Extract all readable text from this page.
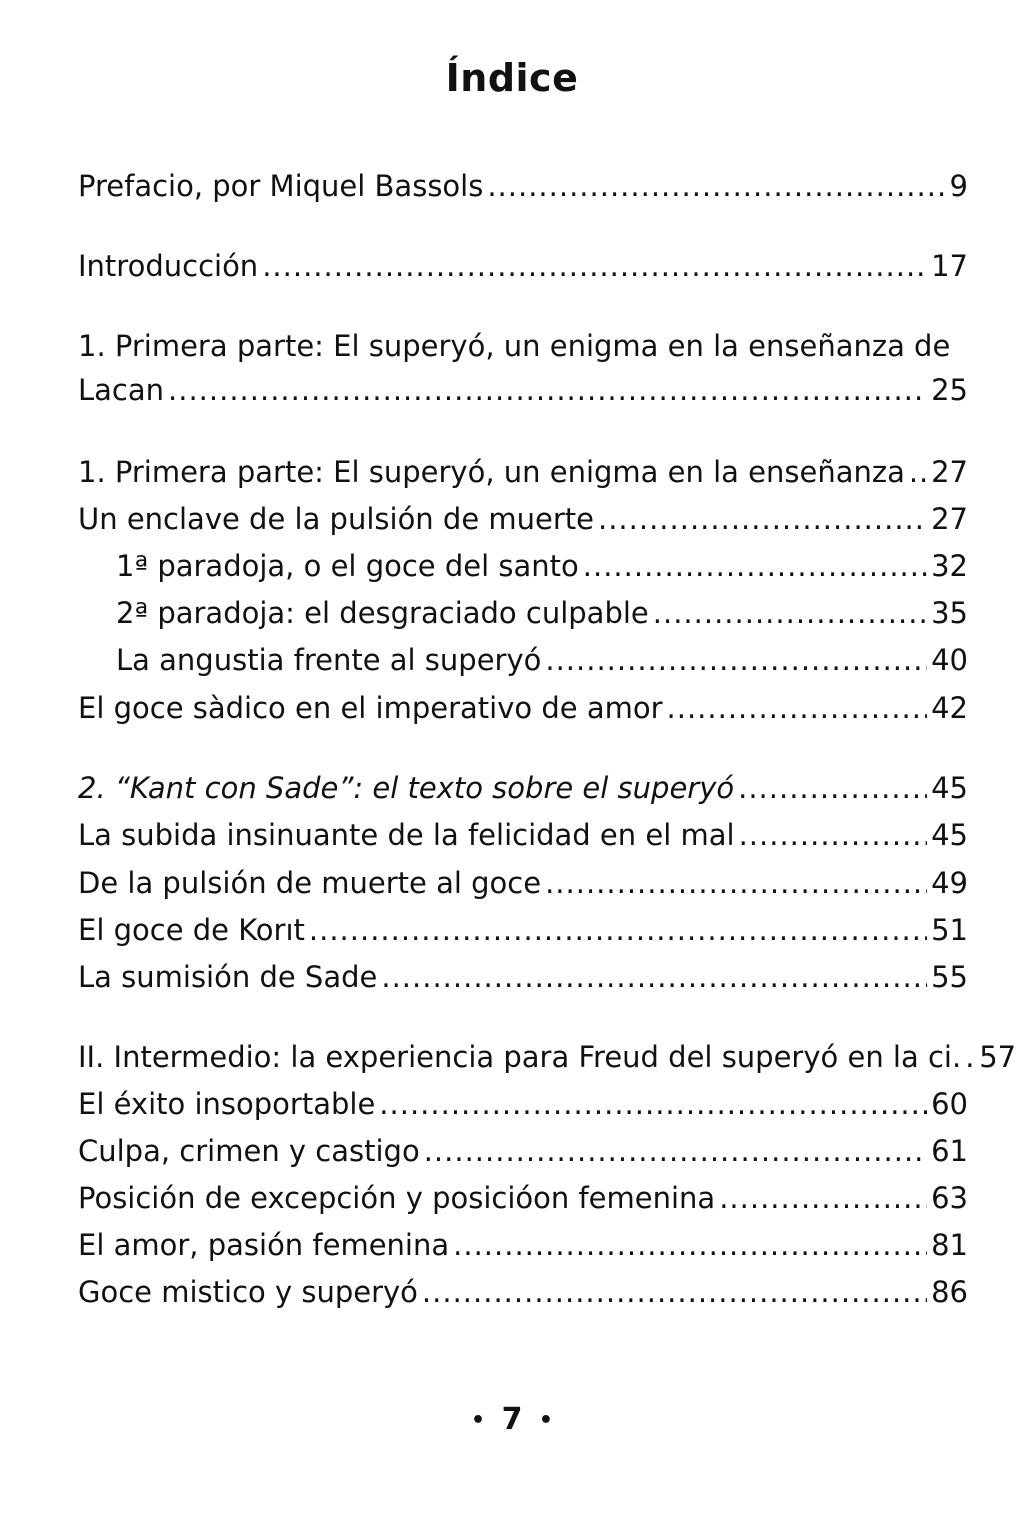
Índice
Prefacio, por Miquel Bassols .....	9
Introducción .....	17
1. Primera parte: El superyó, un enigma en la enseñanza de
Lacan .....	25
1. Primera parte: El superyó, un enigma en la enseñanza ..... 27
Un enclave de la pulsión de muerte .....	27
1ª paradoja, o el goce del santo .....	32
2ª paradoja: el desgraciado culpable .....	35
La angustia frente al superyó .....	40
El goce sàdico en el imperativo de amor .....	42
2. “Kant con Sade”: el texto sobre el superyó .....	45
La subida insinuante de la felicidad en el mal .....	45
De la pulsión de muerte al goce .....	49
El goce de Korıt .....	51
La sumisión de Sade .....	55
II. Intermedio: la experiencia para Freud del superyó en la ci. ..... 57
El éxito insoportable .....	60
Culpa, crimen y castigo .....	61
Posición de excepción y posicióon femenina .....	63
El amor, pasión femenina .....	81
Goce mistico y superyó .....	86
• 7 •
